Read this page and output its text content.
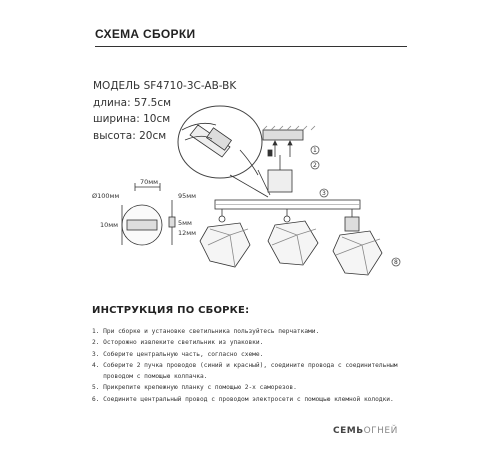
СХЕМА СБОРКИ
МОДЕЛЬ SF4710-3C-AB-BK
длина: 57.5см
ширина: 10см
высота: 20см
1
2
3
8
70мм
Ø100мм	95мм
10мм	5мм
12мм
ИНСТРУКЦИЯ ПО СБОРКЕ:
1. При сборке и установке светильника пользуйтесь перчатками.
2. Осторожно извлеките светильник из упаковки.
3. Соберите центральную часть, согласно схеме.
4. Соберите 2 пучка проводов (синий и красный), соедините провода с соединительным
проводом с помощью колпачка.
5. Прикрепите крепежную планку с помощью 2-х саморезов.
6. Соедините центральный провод с проводом электросети с помощью клемной колодки.
СЕМЬОГНЕЙ
